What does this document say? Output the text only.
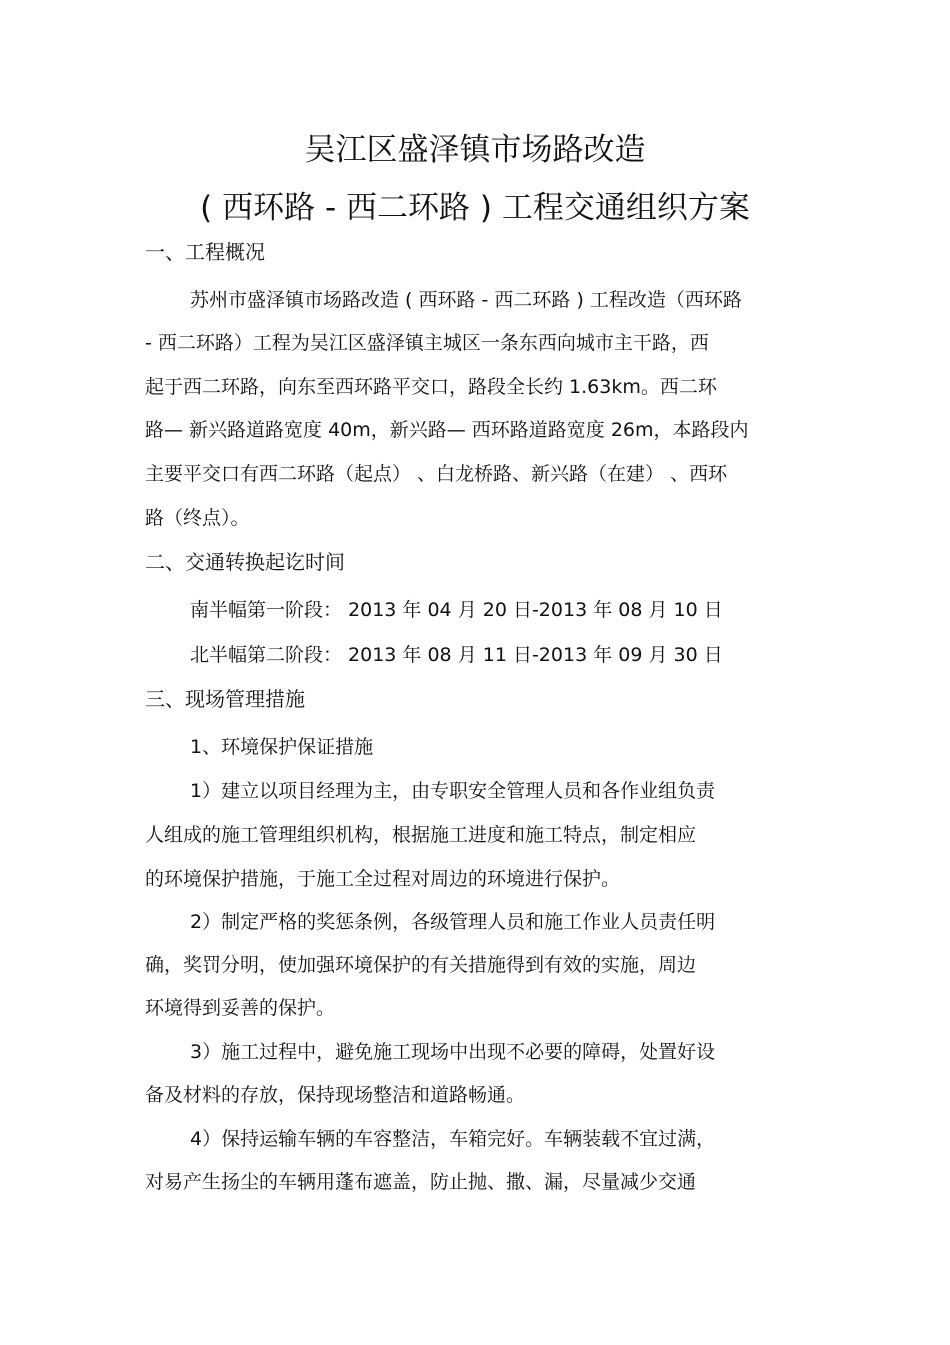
吴江区盛泽镇市场路改造
( 西环路 - 西二环路 ) 工程交通组织方案
一、工程概况
苏州市盛泽镇市场路改造 ( 西环路 - 西二环路 ) 工程改造（西环路
- 西二环路）工程为吴江区盛泽镇主城区一条东西向城市主干路，西
起于西二环路，向东至西环路平交口，路段全长约 1.63km。西二环
路— 新兴路道路宽度 40m，新兴路— 西环路道路宽度 26m，本路段内
主要平交口有西二环路（起点） 、白龙桥路、新兴路（在建） 、西环
路（终点）。
二、交通转换起讫时间
南半幅第一阶段： 2013 年 04 月 20 日-2013 年 08 月 10 日
北半幅第二阶段： 2013 年 08 月 11 日-2013 年 09 月 30 日
三、现场管理措施
1、环境保护保证措施
1）建立以项目经理为主，由专职安全管理人员和各作业组负责
人组成的施工管理组织机构，根据施工进度和施工特点，制定相应
的环境保护措施，于施工全过程对周边的环境进行保护。
2）制定严格的奖惩条例，各级管理人员和施工作业人员责任明
确，奖罚分明，使加强环境保护的有关措施得到有效的实施，周边
环境得到妥善的保护。
3）施工过程中，避免施工现场中出现不必要的障碍，处置好设
备及材料的存放，保持现场整洁和道路畅通。
4）保持运输车辆的车容整洁，车箱完好。车辆装载不宜过满，
对易产生扬尘的车辆用蓬布遮盖，防止抛、撒、漏，尽量减少交通
